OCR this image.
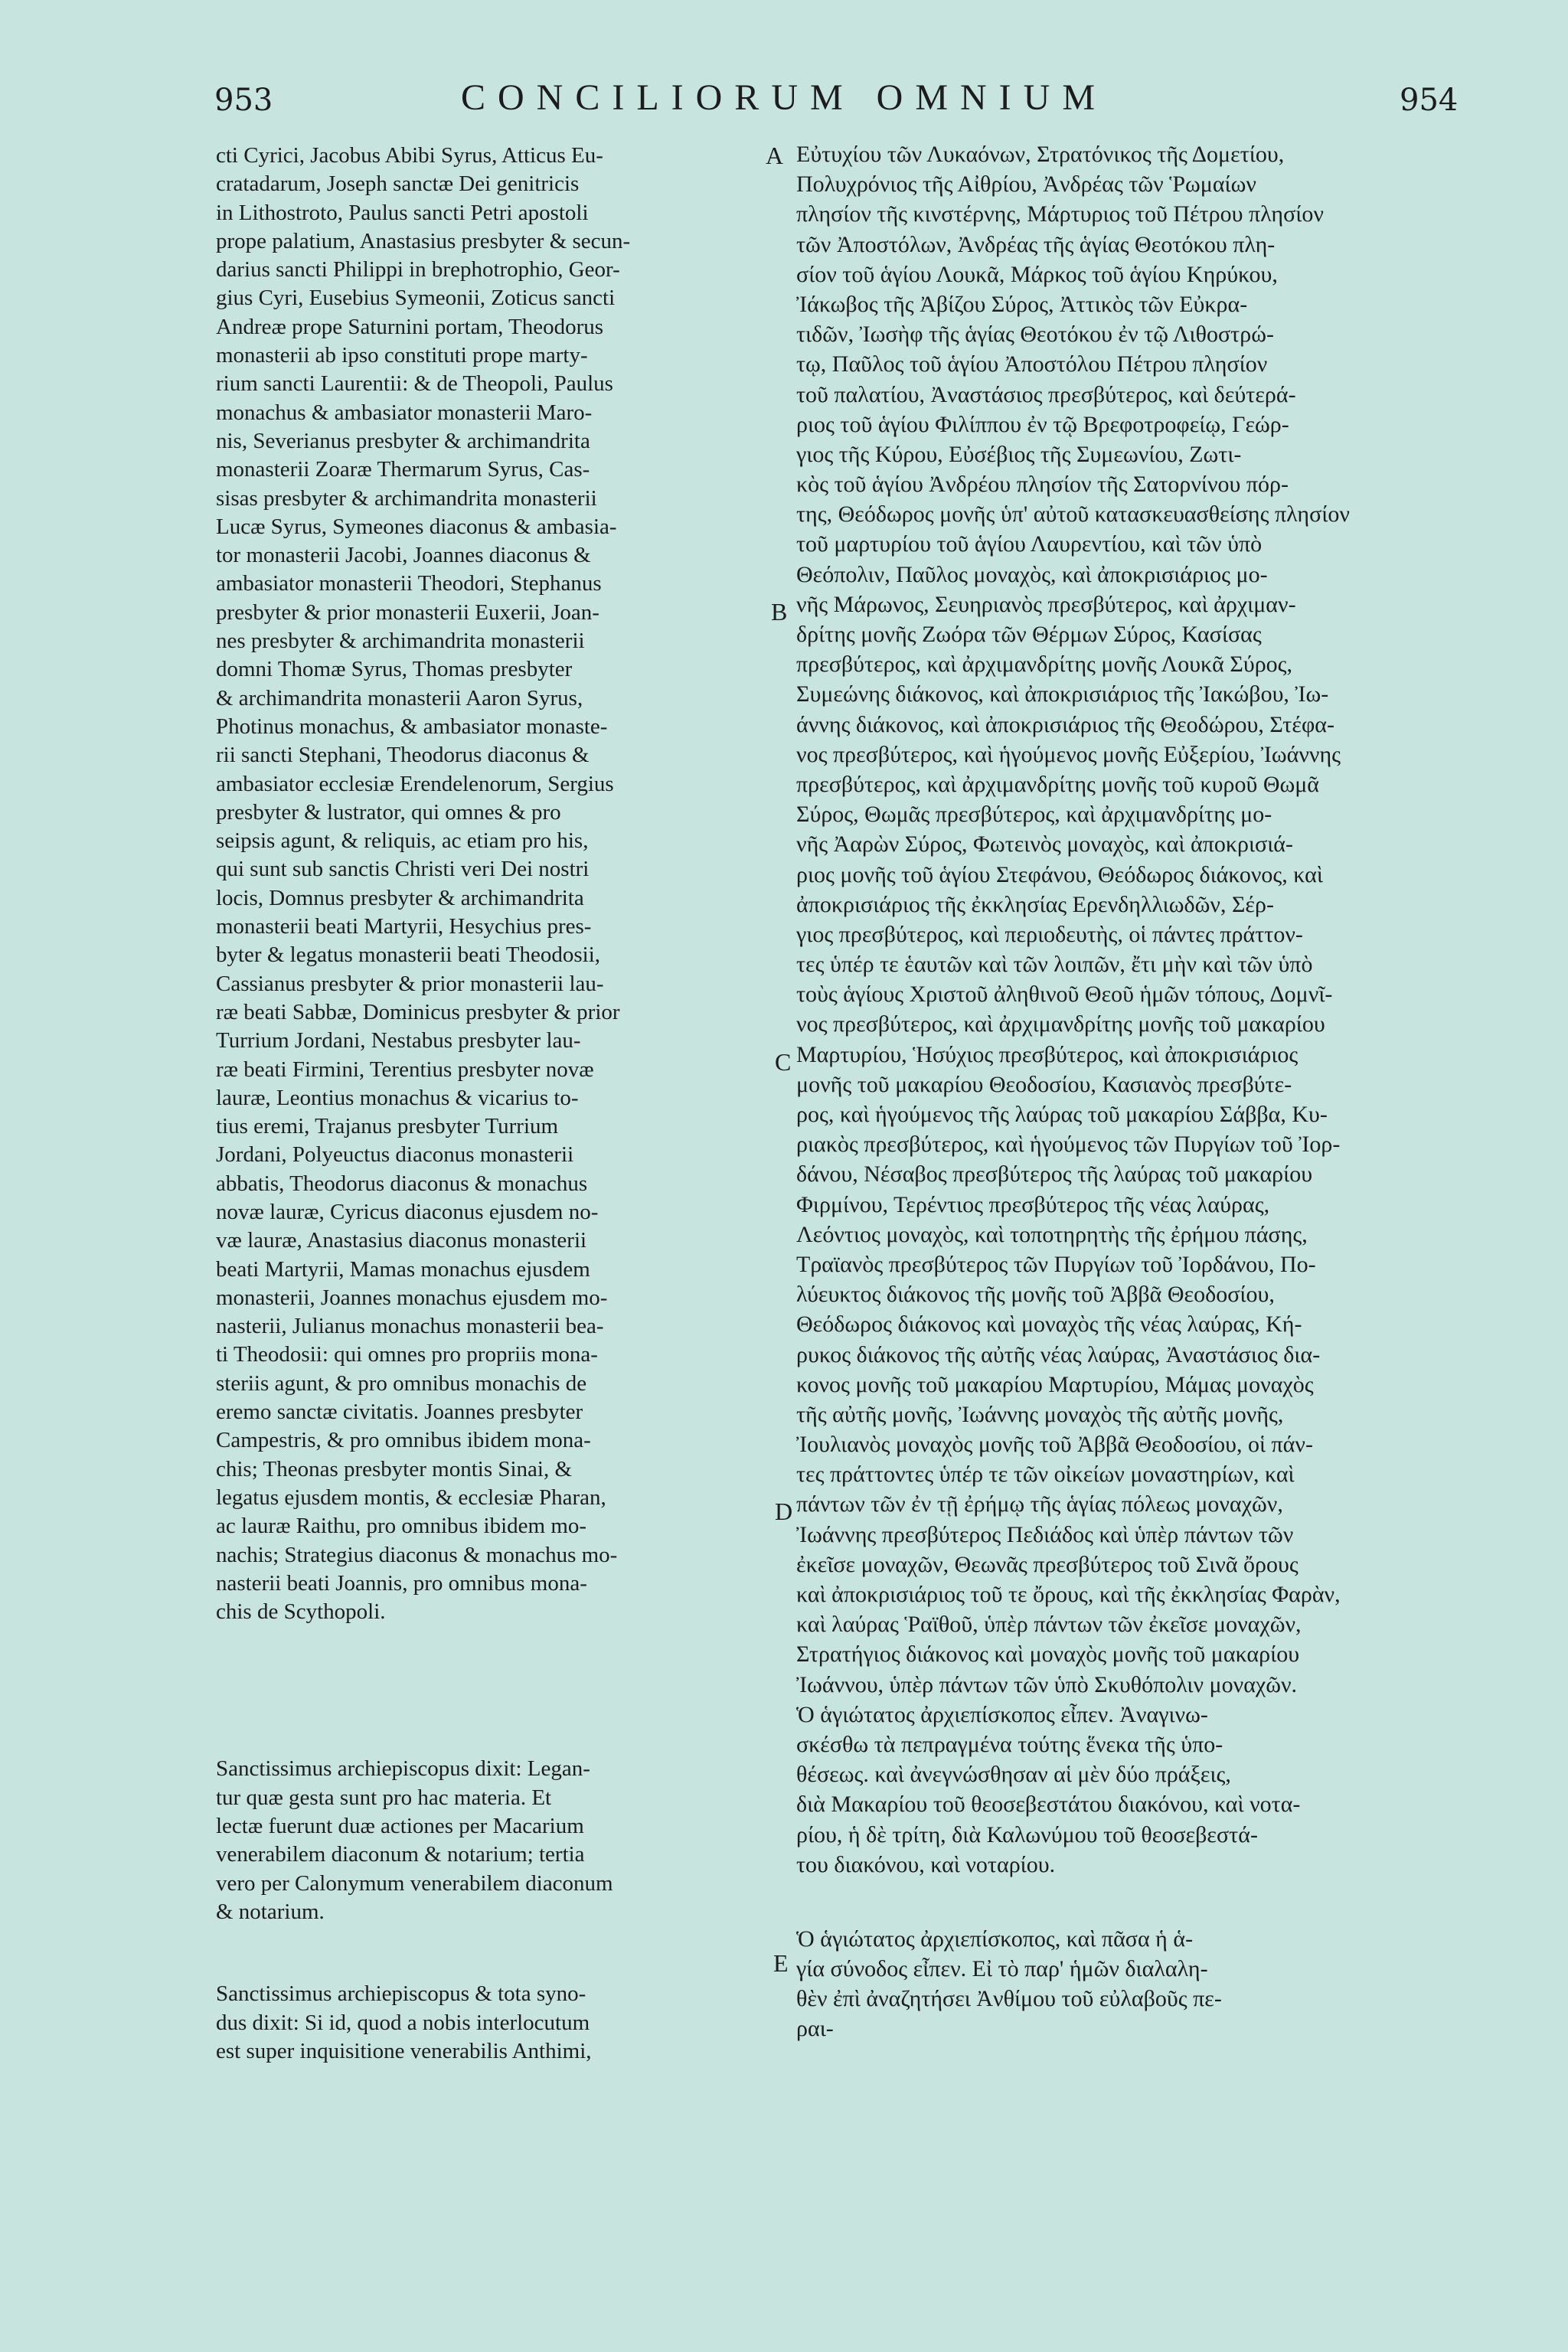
953	CONCILIORUM OMNIUM	954
cti Cyrici, Jacobus Abibi Syrus, Atticus Eu-
cratadarum, Joseph sanctæ Dei genitricis
in Lithostroto, Paulus sancti Petri apostoli
prope palatium, Anastasius presbyter & secun-
darius sancti Philippi in brephotrophio, Geor-
gius Cyri, Eusebius Symeonii, Zoticus sancti
Andreæ prope Saturnini portam, Theodorus
monasterii ab ipso constituti prope marty-
rium sancti Laurentii: & de Theopoli, Paulus
monachus & ambasiator monasterii Maro-
nis, Severianus presbyter & archimandrita
monasterii Zoaræ Thermarum Syrus, Cas-
sisas presbyter & archimandrita monasterii
Lucæ Syrus, Symeones diaconus & ambasia-
tor monasterii Jacobi, Joannes diaconus &
ambasiator monasterii Theodori, Stephanus
presbyter & prior monasterii Euxerii, Joan-
nes presbyter & archimandrita monasterii
domni Thomæ Syrus, Thomas presbyter
& archimandrita monasterii Aaron Syrus,
Photinus monachus, & ambasiator monaste-
rii sancti Stephani, Theodorus diaconus &
ambasiator ecclesiæ Erendelenorum, Sergius
presbyter & lustrator, qui omnes & pro
seipsis agunt, & reliquis, ac etiam pro his,
qui sunt sub sanctis Christi veri Dei nostri
locis, Domnus presbyter & archimandrita
monasterii beati Martyrii, Hesychius pres-
byter & legatus monasterii beati Theodosii,
Cassianus presbyter & prior monasterii lau-
ræ beati Sabbæ, Dominicus presbyter & prior
Turrium Jordani, Nestabus presbyter lau-
ræ beati Firmini, Terentius presbyter novæ
lauræ, Leontius monachus & vicarius to-
tius eremi, Trajanus presbyter Turrium
Jordani, Polyeuctus diaconus monasterii
abbatis, Theodorus diaconus & monachus
novæ lauræ, Cyricus diaconus ejusdem no-
væ lauræ, Anastasius diaconus monasterii
beati Martyrii, Mamas monachus ejusdem
monasterii, Joannes monachus ejusdem mo-
nasterii, Julianus monachus monasterii bea-
ti Theodosii: qui omnes pro propriis mona-
steriis agunt, & pro omnibus monachis de
eremo sanctæ civitatis. Joannes presbyter
Campestris, & pro omnibus ibidem mona-
chis; Theonas presbyter montis Sinai, &
legatus ejusdem montis, & ecclesiæ Pharan,
ac lauræ Raithu, pro omnibus ibidem mo-
nachis; Strategius diaconus & monachus mo-
nasterii beati Joannis, pro omnibus mona-
chis de Scythopoli.
Sanctissimus archiepiscopus dixit: Legan-
tur quæ gesta sunt pro hac materia. Et
lectæ fuerunt duæ actiones per Macarium
venerabilem diaconum & notarium; tertia
vero per Calonymum venerabilem diaconum
& notarium.
Sanctissimus archiepiscopus & tota syno-
dus dixit: Si id, quod a nobis interlocutum
est super inquisitione venerabilis Anthimi,
Εὐτυχίου τῶν Λυκαόνων, Στρατόνικος τῆς Δομετίου,
Πολυχρόνιος τῆς Αἰθρίου, Ἀνδρέας τῶν Ῥωμαίων
πλησίον τῆς κινστέρνης, Μάρτυριος τοῦ Πέτρου πλησίον
τῶν Ἀποστόλων, Ἀνδρέας τῆς ἁγίας Θεοτόκου πλη-
σίον τοῦ ἁγίου Λουκᾶ, Μάρκος τοῦ ἁγίου Κηρύκου,
Ἰάκωβος τῆς Ἀβίζου Σύρος, Ἀττικὸς τῶν Εὐκρα-
τιδῶν, Ἰωσὴφ τῆς ἁγίας Θεοτόκου ἐν τῷ Λιθοστρώ-
τῳ, Παῦλος τοῦ ἁγίου Ἀποστόλου Πέτρου πλησίον
τοῦ παλατίου, Ἀναστάσιος πρεσβύτερος, καὶ δεύτερά-
ριος τοῦ ἁγίου Φιλίππου ἐν τῷ Βρεφοτροφείῳ, Γεώρ-
γιος τῆς Κύρου, Εὐσέβιος τῆς Συμεωνίου, Ζωτι-
κὸς τοῦ ἁγίου Ἀνδρέου πλησίον τῆς Σατορνίνου πόρ-
της, Θεόδωρος μονῆς ὑπ' αὐτοῦ κατασκευασθείσης πλησίον
τοῦ μαρτυρίου τοῦ ἁγίου Λαυρεντίου, καὶ τῶν ὑπὸ
Θεόπολιν, Παῦλος μοναχὸς, καὶ ἀποκρισιάριος μο-
νῆς Μάρωνος, Σευηριανὸς πρεσβύτερος, καὶ ἀρχιμαν-
δρίτης μονῆς Ζωόρα τῶν Θέρμων Σύρος, Κασίσας
πρεσβύτερος, καὶ ἀρχιμανδρίτης μονῆς Λουκᾶ Σύρος,
Συμεώνης διάκονος, καὶ ἀποκρισιάριος τῆς Ἰακώβου, Ἰω-
άννης διάκονος, καὶ ἀποκρισιάριος τῆς Θεοδώρου, Στέφα-
νος πρεσβύτερος, καὶ ἡγούμενος μονῆς Εὐξερίου, Ἰωάννης
πρεσβύτερος, καὶ ἀρχιμανδρίτης μονῆς τοῦ κυροῦ Θωμᾶ
Σύρος, Θωμᾶς πρεσβύτερος, καὶ ἀρχιμανδρίτης μο-
νῆς Ἀαρὼν Σύρος, Φωτεινὸς μοναχὸς, καὶ ἀποκρισιά-
ριος μονῆς τοῦ ἁγίου Στεφάνου, Θεόδωρος διάκονος, καὶ
ἀποκρισιάριος τῆς ἐκκλησίας Ερενδηλλιωδῶν, Σέρ-
γιος πρεσβύτερος, καὶ περιοδευτὴς, οἱ πάντες πράττον-
τες ὑπέρ τε ἑαυτῶν καὶ τῶν λοιπῶν, ἔτι μὴν καὶ τῶν ὑπὸ
τοὺς ἁγίους Χριστοῦ ἀληθινοῦ Θεοῦ ἡμῶν τόπους, Δομνῖ-
νος πρεσβύτερος, καὶ ἀρχιμανδρίτης μονῆς τοῦ μακαρίου
Μαρτυρίου, Ἡσύχιος πρεσβύτερος, καὶ ἀποκρισιάριος
μονῆς τοῦ μακαρίου Θεοδοσίου, Κασιανὸς πρεσβύτε-
ρος, καὶ ἡγούμενος τῆς λαύρας τοῦ μακαρίου Σάββα, Κυ-
ριακὸς πρεσβύτερος, καὶ ἡγούμενος τῶν Πυργίων τοῦ Ἰορ-
δάνου, Νέσαβος πρεσβύτερος τῆς λαύρας τοῦ μακαρίου
Φιρμίνου, Τερέντιος πρεσβύτερος τῆς νέας λαύρας,
Λεόντιος μοναχὸς, καὶ τοποτηρητὴς τῆς ἐρήμου πάσης,
Τραϊανὸς πρεσβύτερος τῶν Πυργίων τοῦ Ἰορδάνου, Πο-
λύευκτος διάκονος τῆς μονῆς τοῦ Ἀββᾶ Θεοδοσίου,
Θεόδωρος διάκονος καὶ μοναχὸς τῆς νέας λαύρας, Κή-
ρυκος διάκονος τῆς αὐτῆς νέας λαύρας, Ἀναστάσιος δια-
κονος μονῆς τοῦ μακαρίου Μαρτυρίου, Μάμας μοναχὸς
τῆς αὐτῆς μονῆς, Ἰωάννης μοναχὸς τῆς αὐτῆς μονῆς,
Ἰουλιανὸς μοναχὸς μονῆς τοῦ Ἀββᾶ Θεοδοσίου, οἱ πάν-
τες πράττοντες ὑπέρ τε τῶν οἰκείων μοναστηρίων, καὶ
πάντων τῶν ἐν τῇ ἐρήμῳ τῆς ἁγίας πόλεως μοναχῶν,
Ἰωάννης πρεσβύτερος Πεδιάδος καὶ ὑπὲρ πάντων τῶν
ἐκεῖσε μοναχῶν, Θεωνᾶς πρεσβύτερος τοῦ Σινᾶ ὄρους
καὶ ἀποκρισιάριος τοῦ τε ὄρους, καὶ τῆς ἐκκλησίας Φαρὰν,
καὶ λαύρας Ῥαϊθοῦ, ὑπὲρ πάντων τῶν ἐκεῖσε μοναχῶν,
Στρατήγιος διάκονος καὶ μοναχὸς μονῆς τοῦ μακαρίου
Ἰωάννου, ὑπὲρ πάντων τῶν ὑπὸ Σκυθόπολιν μοναχῶν.
Ὁ ἁγιώτατος ἀρχιεπίσκοπος εἶπεν. Ἀναγινω-
σκέσθω τὰ πεπραγμένα τούτης ἕνεκα τῆς ὑπο-
θέσεως. καὶ ἀνεγνώσθησαν αἱ μὲν δύο πράξεις,
διὰ Μακαρίου τοῦ θεοσεβεστάτου διακόνου, καὶ νοτα-
ρίου, ἡ δὲ τρίτη, διὰ Καλωνύμου τοῦ θεοσεβεστά-
του διακόνου, καὶ νοταρίου.
Ὁ ἁγιώτατος ἀρχιεπίσκοπος, καὶ πᾶσα ἡ ἁ-
γία σύνοδος εἶπεν. Εἰ τὸ παρ' ἡμῶν διαλαλη-
θὲν ἐπὶ ἀναζητήσει Ἀνθίμου τοῦ εὐλαβοῦς πε-
ραι-
A
B
C
D
E
